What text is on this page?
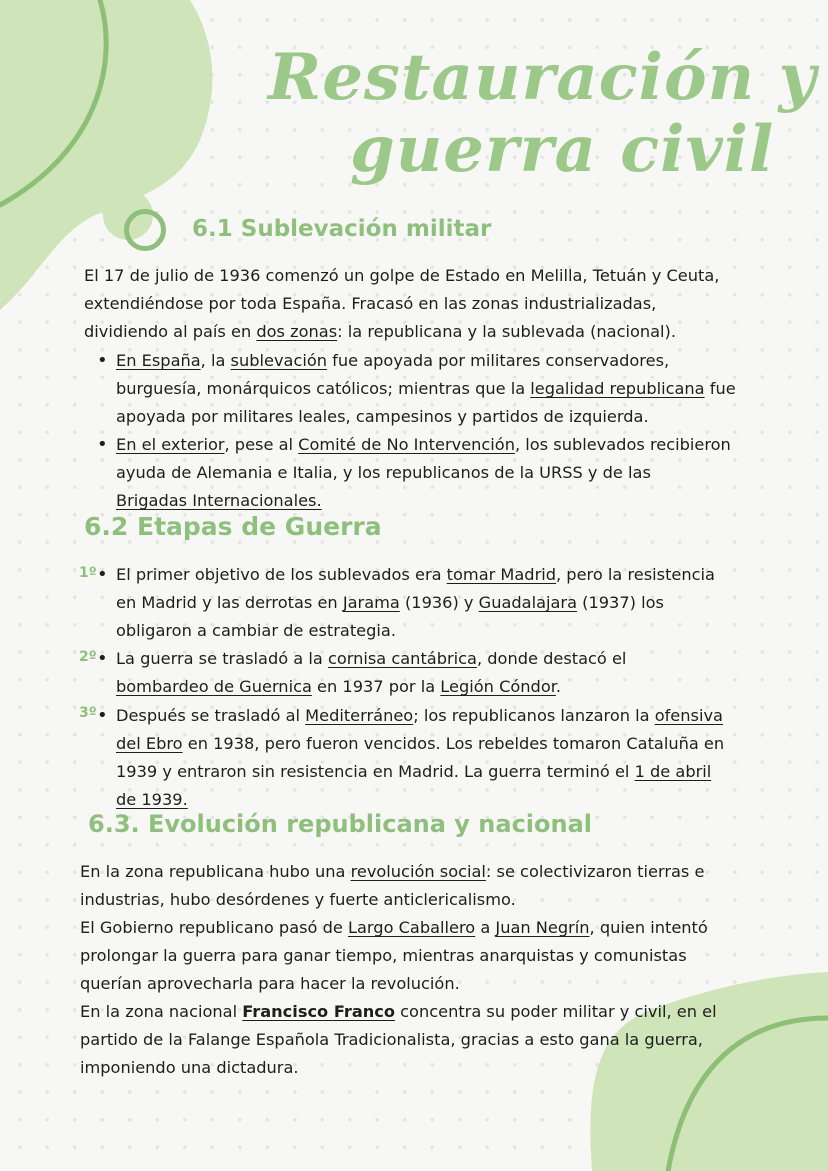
Restauración y
guerra civil
6.1 Sublevación militar
El 17 de julio de 1936 comenzó un golpe de Estado en Melilla, Tetuán y Ceuta,
extendiéndose por toda España. Fracasó en las zonas industrializadas,
dividiendo al país en dos zonas: la republicana y la sublevada (nacional).
• En España, la sublevación fue apoyada por militares conservadores,
burguesía, monárquicos católicos; mientras que la legalidad republicana fue
apoyada por militares leales, campesinos y partidos de izquierda.
• En el exterior, pese al Comité de No Intervención, los sublevados recibieron
ayuda de Alemania e Italia, y los republicanos de la URSS y de las
Brigadas Internacionales.
6.2 Etapas de Guerra
1º • El primer objetivo de los sublevados era tomar Madrid, pero la resistencia
en Madrid y las derrotas en Jarama (1936) y Guadalajara (1937) los
obligaron a cambiar de estrategia.
2º • La guerra se trasladó a la cornisa cantábrica, donde destacó el
bombardeo de Guernica en 1937 por la Legión Cóndor.
3º • Después se trasladó al Mediterráneo; los republicanos lanzaron la ofensiva
del Ebro en 1938, pero fueron vencidos. Los rebeldes tomaron Cataluña en
1939 y entraron sin resistencia en Madrid. La guerra terminó el 1 de abril
de 1939.
6.3. Evolución republicana y nacional
En la zona republicana hubo una revolución social: se colectivizaron tierras e
industrias, hubo desórdenes y fuerte anticlericalismo.
El Gobierno republicano pasó de Largo Caballero a Juan Negrín, quien intentó
prolongar la guerra para ganar tiempo, mientras anarquistas y comunistas
querían aprovecharla para hacer la revolución.
En la zona nacional Francisco Franco concentra su poder militar y civil, en el
partido de la Falange Española Tradicionalista, gracias a esto gana la guerra,
imponiendo una dictadura.
